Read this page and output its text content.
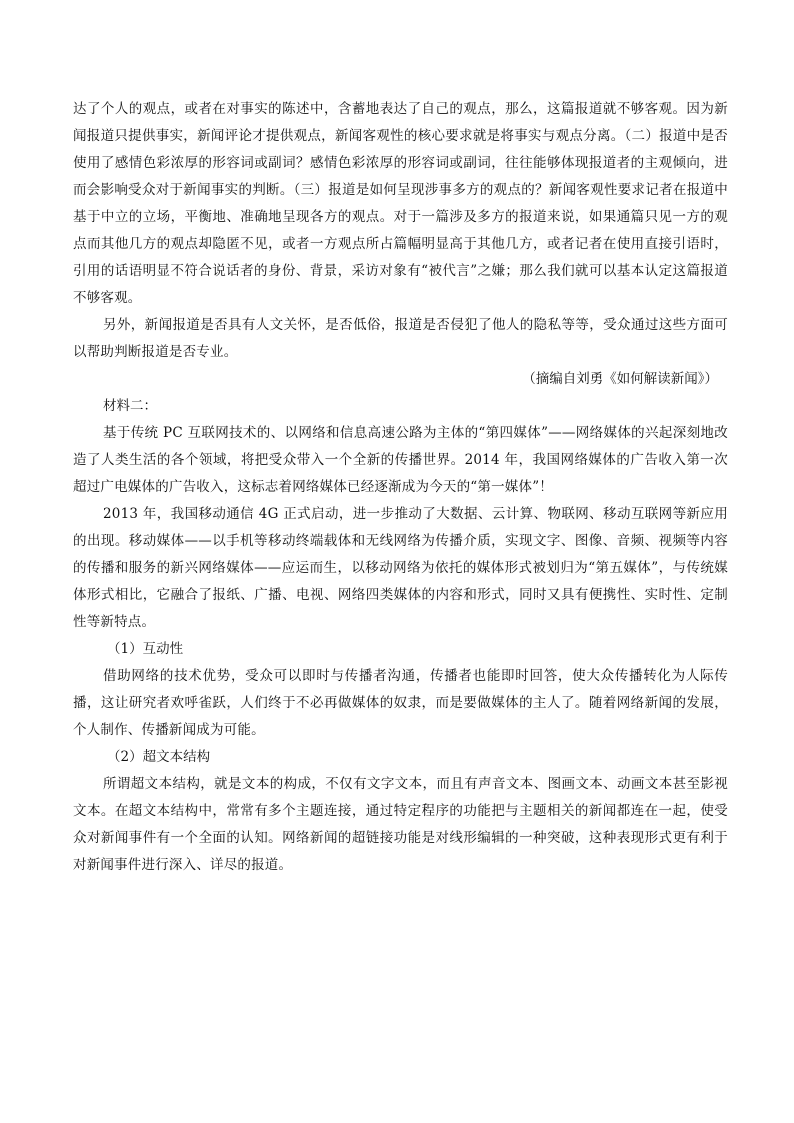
达了个人的观点，或者在对事实的陈述中，含蓄地表达了自己的观点，那么，这篇报道就不够客观。因为新闻报道只提供事实，新闻评论才提供观点，新闻客观性的核心要求就是将事实与观点分离。（二）报道中是否使用了感情色彩浓厚的形容词或副词？感情色彩浓厚的形容词或副词，往往能够体现报道者的主观倾向，进而会影响受众对于新闻事实的判断。（三）报道是如何呈现涉事多方的观点的？新闻客观性要求记者在报道中基于中立的立场，平衡地、准确地呈现各方的观点。对于一篇涉及多方的报道来说，如果通篇只见一方的观点而其他几方的观点却隐匿不见，或者一方观点所占篇幅明显高于其他几方，或者记者在使用直接引语时，引用的话语明显不符合说话者的身份、背景，采访对象有“被代言”之嫌；那么我们就可以基本认定这篇报道不够客观。

另外，新闻报道是否具有人文关怀，是否低俗，报道是否侵犯了他人的隐私等等，受众通过这些方面可以帮助判断报道是否专业。

（摘编自刘勇《如何解读新闻》）

材料二：

基于传统 PC 互联网技术的、以网络和信息高速公路为主体的“第四媒体”——网络媒体的兴起深刻地改造了人类生活的各个领域，将把受众带入一个全新的传播世界。2014 年，我国网络媒体的广告收入第一次超过广电媒体的广告收入，这标志着网络媒体已经逐渐成为今天的“第一媒体”！

2013 年，我国移动通信 4G 正式启动，进一步推动了大数据、云计算、物联网、移动互联网等新应用的出现。移动媒体——以手机等移动终端载体和无线网络为传播介质，实现文字、图像、音频、视频等内容的传播和服务的新兴网络媒体——应运而生，以移动网络为依托的媒体形式被划归为“第五媒体”，与传统媒体形式相比，它融合了报纸、广播、电视、网络四类媒体的内容和形式，同时又具有便携性、实时性、定制性等新特点。

（1）互动性

借助网络的技术优势，受众可以即时与传播者沟通，传播者也能即时回答，使大众传播转化为人际传播，这让研究者欢呼雀跃，人们终于不必再做媒体的奴隶，而是要做媒体的主人了。随着网络新闻的发展，个人制作、传播新闻成为可能。

（2）超文本结构

所谓超文本结构，就是文本的构成，不仅有文字文本，而且有声音文本、图画文本、动画文本甚至影视文本。在超文本结构中，常常有多个主题连接，通过特定程序的功能把与主题相关的新闻都连在一起，使受众对新闻事件有一个全面的认知。网络新闻的超链接功能是对线形编辑的一种突破，这种表现形式更有利于对新闻事件进行深入、详尽的报道。
